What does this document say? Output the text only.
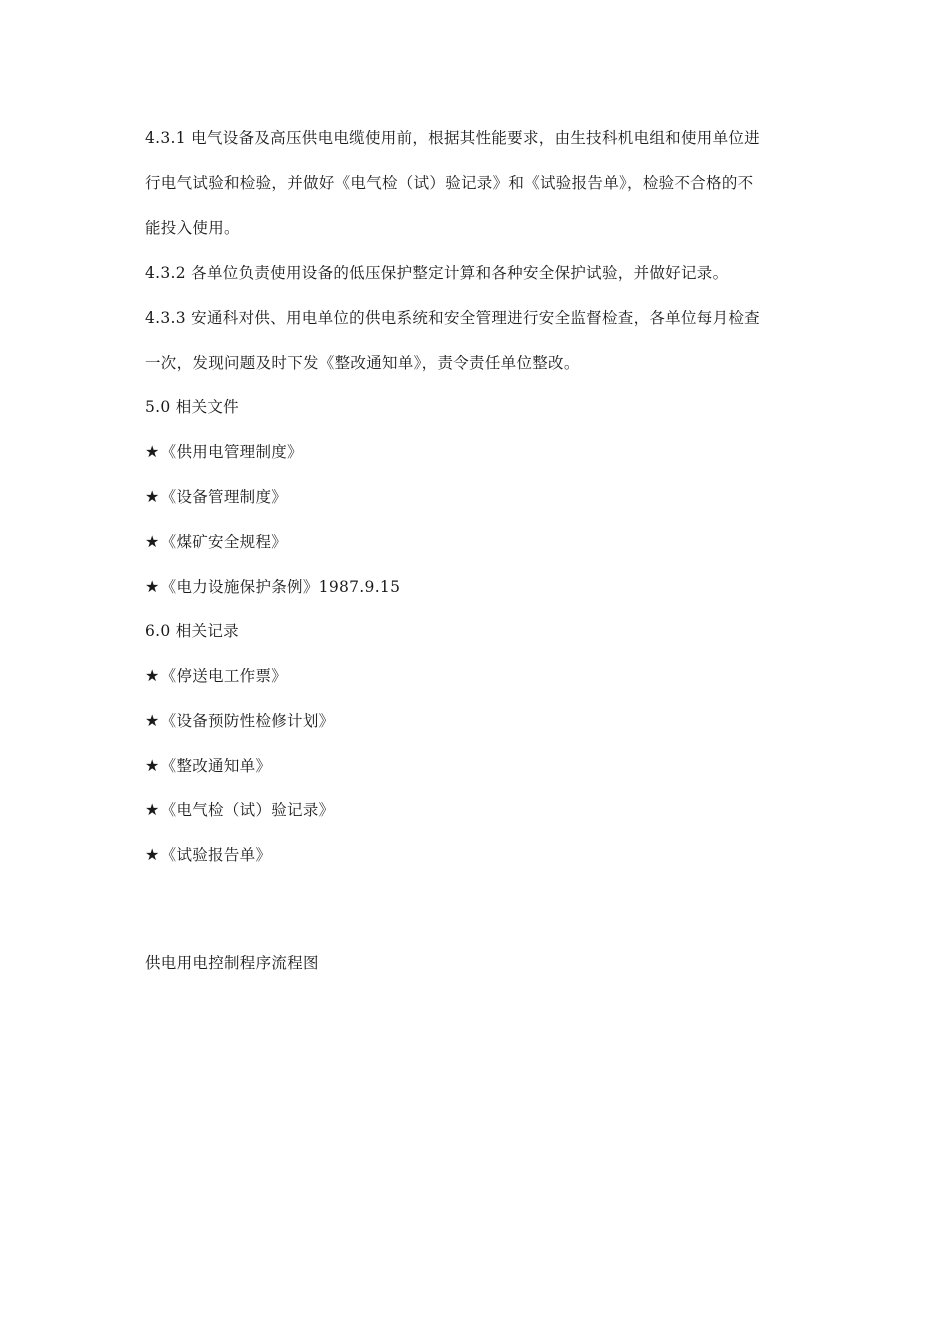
4.3.1 电气设备及高压供电电缆使用前，根据其性能要求，由生技科机电组和使用单位进
行电气试验和检验，并做好《电气检（试）验记录》和《试验报告单》，检验不合格的不
能投入使用。
4.3.2 各单位负责使用设备的低压保护整定计算和各种安全保护试验，并做好记录。
4.3.3 安通科对供、用电单位的供电系统和安全管理进行安全监督检查，各单位每月检查
一次，发现问题及时下发《整改通知单》，责令责任单位整改。
5.0 相关文件
★《供用电管理制度》
★《设备管理制度》
★《煤矿安全规程》
★《电力设施保护条例》1987.9.15
6.0 相关记录
★《停送电工作票》
★《设备预防性检修计划》
★《整改通知单》
★《电气检（试）验记录》
★《试验报告单》
供电用电控制程序流程图
